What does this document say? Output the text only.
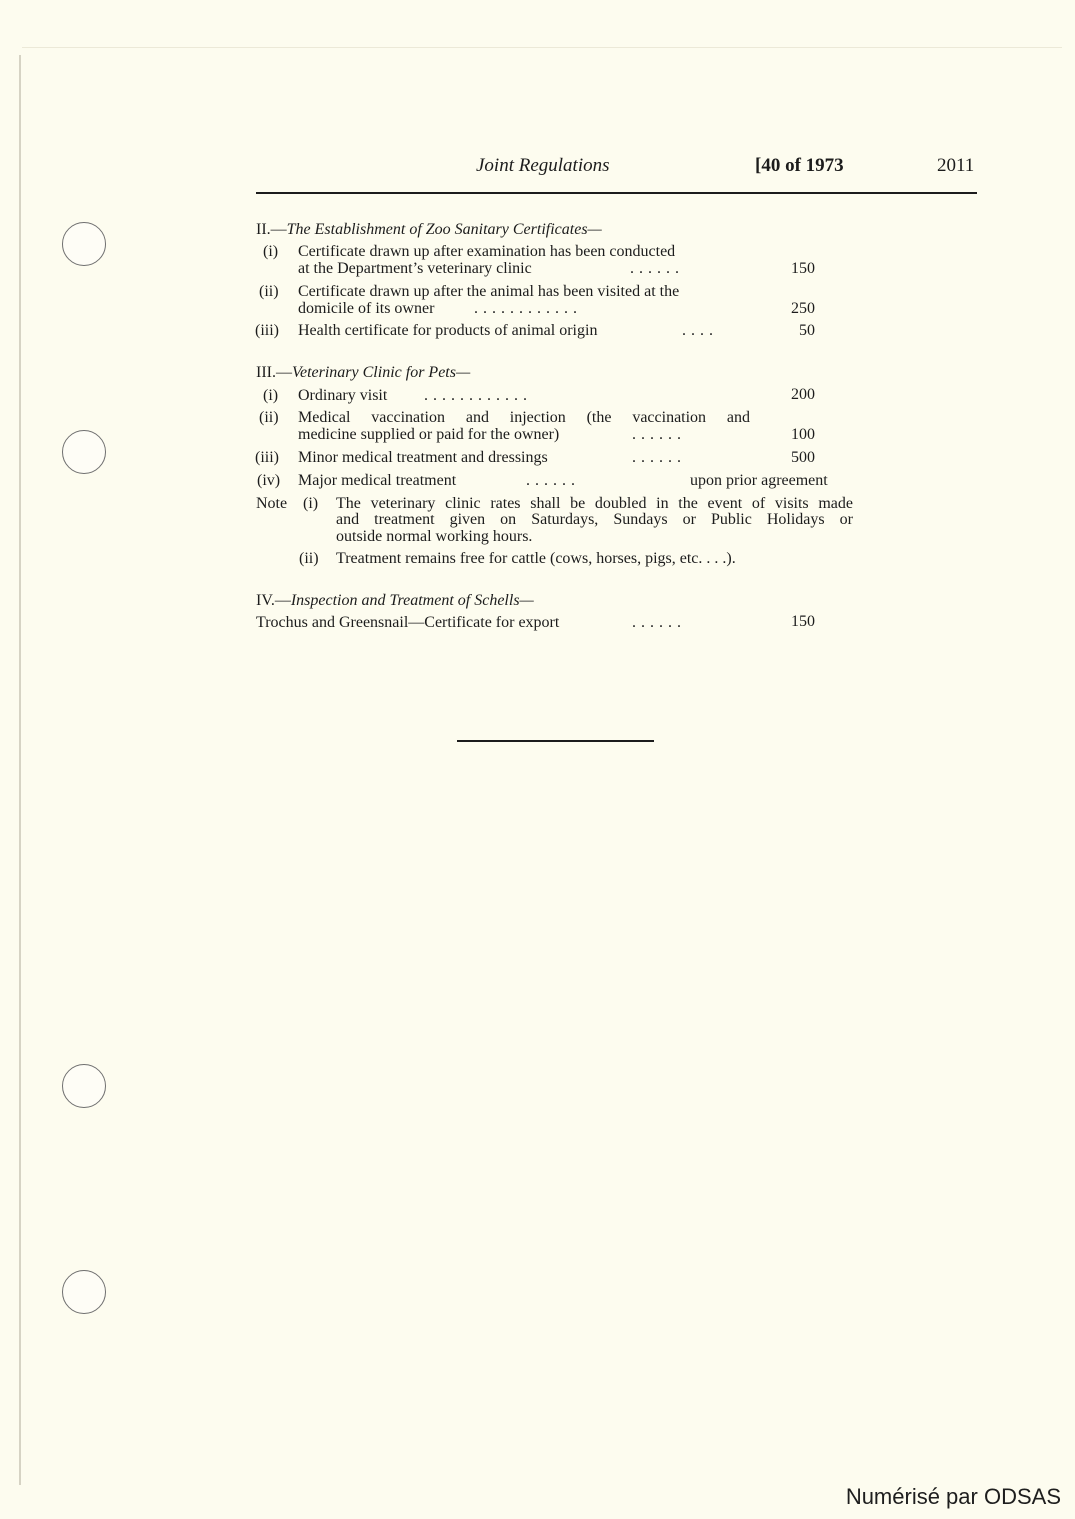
Joint Regulations	[40 of 1973	2011
II.—The Establishment of Zoo Sanitary Certificates—
(i) Certificate drawn up after examination has been conducted
at the Department’s veterinary clinic	. . . . . .	150
(ii) Certificate drawn up after the animal has been visited at the
domicile of its owner . . . . . . . . . . . .	250
(iii) Health certificate for products of animal origin	. . . .	50
III.—Veterinary Clinic for Pets—
(i) Ordinary visit . . . . . . . . . . . .	200
(ii) Medical vaccination and injection (the vaccination and
medicine supplied or paid for the owner)	. . . . . .	100
(iii) Minor medical treatment and dressings	. . . . . .	500
(iv) Major medical treatment	. . . . . .	upon prior agreement
Note (i) The veterinary clinic rates shall be doubled in the event of visits made
and treatment given on Saturdays, Sundays or Public Holidays or
outside normal working hours.
(ii) Treatment remains free for cattle (cows, horses, pigs, etc. . . .).
IV.—Inspection and Treatment of Schells—
Trochus and Greensnail—Certificate for export	. . . . . .	150
Numérisé par ODSAS
